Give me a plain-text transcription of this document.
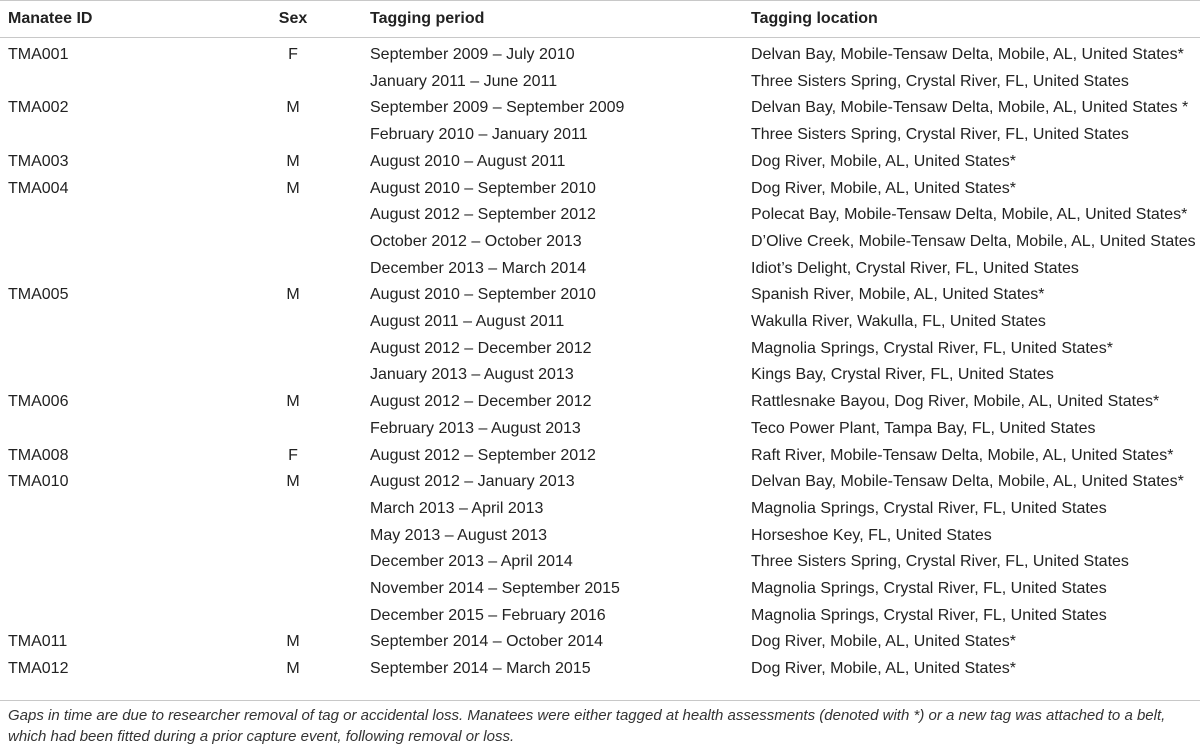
Manatee ID	Sex	Tagging period	Tagging location
TMA001	F	September 2009 – July 2010	Delvan Bay, Mobile-Tensaw Delta, Mobile, AL, United States*
		January 2011 – June 2011	Three Sisters Spring, Crystal River, FL, United States
TMA002	M	September 2009 – September 2009	Delvan Bay, Mobile-Tensaw Delta, Mobile, AL, United States *
		February 2010 – January 2011	Three Sisters Spring, Crystal River, FL, United States
TMA003	M	August 2010 – August 2011	Dog River, Mobile, AL, United States*
TMA004	M	August 2010 – September 2010	Dog River, Mobile, AL, United States*
		August 2012 – September 2012	Polecat Bay, Mobile-Tensaw Delta, Mobile, AL, United States*
		October 2012 – October 2013	D’Olive Creek, Mobile-Tensaw Delta, Mobile, AL, United States
		December 2013 – March 2014	Idiot’s Delight, Crystal River, FL, United States
TMA005	M	August 2010 – September 2010	Spanish River, Mobile, AL, United States*
		August 2011 – August 2011	Wakulla River, Wakulla, FL, United States
		August 2012 – December 2012	Magnolia Springs, Crystal River, FL, United States*
		January 2013 – August 2013	Kings Bay, Crystal River, FL, United States
TMA006	M	August 2012 – December 2012	Rattlesnake Bayou, Dog River, Mobile, AL, United States*
		February 2013 – August 2013	Teco Power Plant, Tampa Bay, FL, United States
TMA008	F	August 2012 – September 2012	Raft River, Mobile-Tensaw Delta, Mobile, AL, United States*
TMA010	M	August 2012 – January 2013	Delvan Bay, Mobile-Tensaw Delta, Mobile, AL, United States*
		March 2013 – April 2013	Magnolia Springs, Crystal River, FL, United States
		May 2013 – August 2013	Horseshoe Key, FL, United States
		December 2013 – April 2014	Three Sisters Spring, Crystal River, FL, United States
		November 2014 – September 2015	Magnolia Springs, Crystal River, FL, United States
		December 2015 – February 2016	Magnolia Springs, Crystal River, FL, United States
TMA011	M	September 2014 – October 2014	Dog River, Mobile, AL, United States*
TMA012	M	September 2014 – March 2015	Dog River, Mobile, AL, United States*
Gaps in time are due to researcher removal of tag or accidental loss. Manatees were either tagged at health assessments (denoted with *) or a new tag was attached to a belt, which had been fitted during a prior capture event, following removal or loss.
